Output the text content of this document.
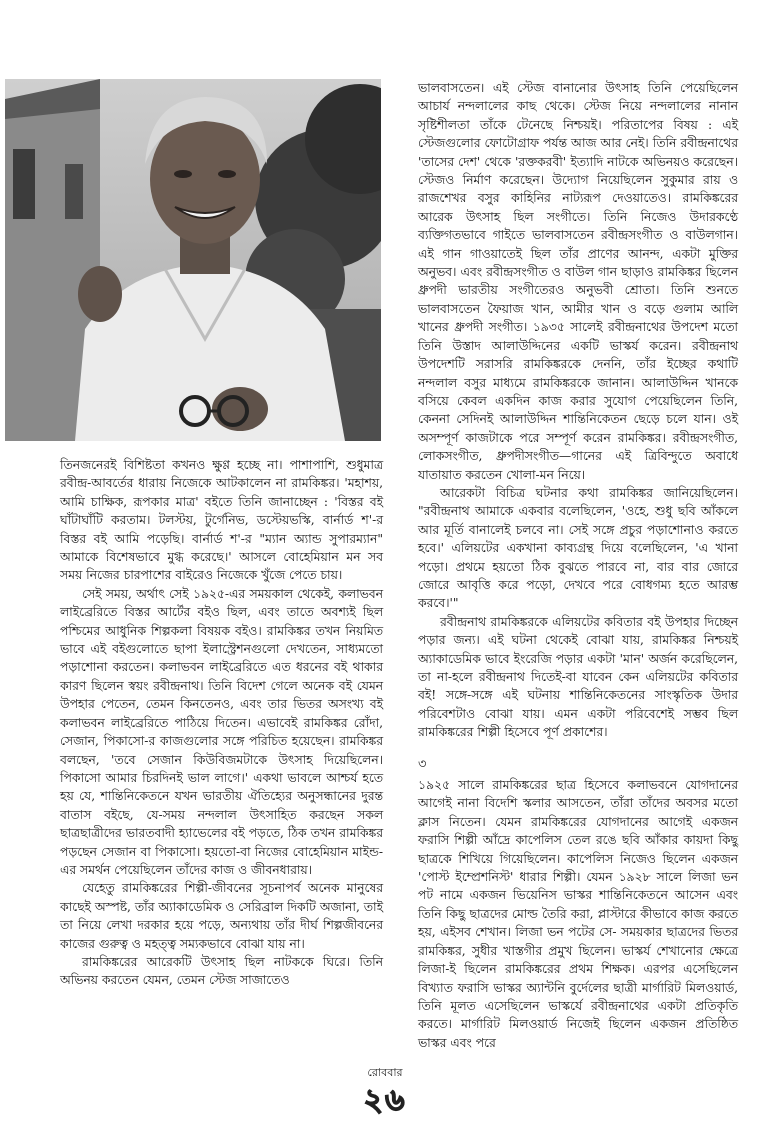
তিনজনেরই বিশিষ্টতা কখনও ক্ষুণ্ণ হচ্ছে না। পাশাপাশি, শুধুমাত্র রবীন্দ্র-আবর্তের ধারায় নিজেকে আটকালেন না রামকিঙ্কর। 'মহাশয়, আমি চাক্ষিক, রূপকার মাত্র' বইতে তিনি জানাচ্ছেন : 'বিস্তর বই ঘাঁটাঘাঁটি করতাম। টলস্টয়, টুর্গেনিভ, ডস্টেয়ভস্কি, বার্নার্ড শ'-র বিস্তর বই আমি পড়েছি। বার্নার্ড শ'-র "ম্যান অ্যান্ড সুপারম্যান" আমাকে বিশেষভাবে মুগ্ধ করেছে।' আসলে বোহেমিয়ান মন সব সময় নিজের চারপাশের বাইরেও নিজেকে খুঁজে পেতে চায়।

সেই সময়, অর্থাৎ সেই ১৯২৫-এর সময়কাল থেকেই, কলাভবন লাইব্রেরিতে বিস্তর আর্টের বইও ছিল, এবং তাতে অবশ্যই ছিল পশ্চিমের আধুনিক শিল্পকলা বিষয়ক বইও। রামকিঙ্কর তখন নিয়মিত ভাবে এই বইগুলোতে ছাপা ইলাস্ট্রেশনগুলো দেখতেন, সাধ্যমতো পড়াশোনা করতেন। কলাভবন লাইব্রেরিতে এত ধরনের বই থাকার কারণ ছিলেন স্বয়ং রবীন্দ্রনাথ। তিনি বিদেশ গেলে অনেক বই যেমন উপহার পেতেন, তেমন কিনতেনও, এবং তার ভিতর অসংখ্য বই কলাভবন লাইব্রেরিতে পাঠিয়ে দিতেন। এভাবেই রামকিঙ্কর রোঁদা, সেজান, পিকাসো-র কাজগুলোর সঙ্গে পরিচিত হয়েছেন। রামকিঙ্কর বলছেন, 'তবে সেজান কিউবিজমটাকে উৎসাহ দিয়েছিলেন। পিকাসো আমার চিরদিনই ভাল লাগে।' একথা ভাবলে আশ্চর্য হতে হয় যে, শান্তিনিকেতনে যখন ভারতীয় ঐতিহ্যের অনুসন্ধানের দুরন্ত বাতাস বইছে, যে-সময় নন্দলাল উৎসাহিত করছেন সকল ছাত্রছাত্রীদের ভারতবাদী হ্যাভেলের বই পড়তে, ঠিক তখন রামকিঙ্কর পড়ছেন সেজান বা পিকাসো। হয়তো-বা নিজের বোহেমিয়ান মাইন্ড-এর সমর্থন পেয়েছিলেন তাঁদের কাজ ও জীবনধারায়।

যেহেতু রামকিঙ্করের শিল্পী-জীবনের সূচনাপর্ব অনেক মানুষের কাছেই অস্পষ্ট, তাঁর অ্যাকাডেমিক ও সেরিব্রাল দিকটি অজানা, তাই তা নিয়ে লেখা দরকার হয়ে পড়ে, অন্যথায় তাঁর দীর্ঘ শিল্পজীবনের কাজের গুরুত্ব ও মহত্ত্ব সম্যকভাবে বোঝা যায় না।

রামকিঙ্করের আরেকটি উৎসাহ ছিল নাটককে ঘিরে। তিনি অভিনয় করতেন যেমন, তেমন স্টেজ সাজাতেও

ভালবাসতেন। এই স্টেজ বানানোর উৎসাহ তিনি পেয়েছিলেন আচার্য নন্দলালের কাছ থেকে। স্টেজ নিয়ে নন্দলালের নানান সৃষ্টিশীলতা তাঁকে টেনেছে নিশ্চয়ই। পরিতাপের বিষয় : এই স্টেজগুলোর ফোটোগ্রাফ পর্যন্ত আজ আর নেই। তিনি রবীন্দ্রনাথের 'তাসের দেশ' থেকে 'রক্তকরবী' ইত্যাদি নাটকে অভিনয়ও করেছেন। স্টেজও নির্মাণ করেছেন। উদ্যোগ নিয়েছিলেন সুকুমার রায় ও রাজশেখর বসুর কাহিনির নাট্যরূপ দেওয়াতেও। রামকিঙ্করের আরেক উৎসাহ ছিল সংগীতে। তিনি নিজেও উদারকণ্ঠে ব্যক্তিগতভাবে গাইতে ভালবাসতেন রবীন্দ্রসংগীত ও বাউলগান। এই গান গাওয়াতেই ছিল তাঁর প্রাণের আনন্দ, একটা মুক্তির অনুভব। এবং রবীন্দ্রসংগীত ও বাউল গান ছাড়াও রামকিঙ্কর ছিলেন ধ্রুপদী ভারতীয় সংগীতেরও অনুভবী শ্রোতা। তিনি শুনতে ভালবাসতেন ফৈয়াজ খান, আমীর খান ও বড়ে গুলাম আলি খানের ধ্রুপদী সংগীত। ১৯৩৫ সালেই রবীন্দ্রনাথের উপদেশ মতো তিনি উস্তাদ আলাউদ্দিনের একটি ভাস্কর্য করেন। রবীন্দ্রনাথ উপদেশটি সরাসরি রামকিঙ্করকে দেননি, তাঁর ইচ্ছের কথাটি নন্দলাল বসুর মাধ্যমে রামকিঙ্করকে জানান। আলাউদ্দিন খানকে বসিয়ে কেবল একদিন কাজ করার সুযোগ পেয়েছিলেন তিনি, কেননা সেদিনই আলাউদ্দিন শান্তিনিকেতন ছেড়ে চলে যান। ওই অসম্পূর্ণ কাজটাকে পরে সম্পূর্ণ করেন রামকিঙ্কর। রবীন্দ্রসংগীত, লোকসংগীত, ধ্রুপদীসংগীত—গানের এই ত্রিবিন্দুতে অবাধে যাতায়াত করতেন খোলা-মন নিয়ে।

আরেকটা বিচিত্র ঘটনার কথা রামকিঙ্কর জানিয়েছিলেন। "রবীন্দ্রনাথ আমাকে একবার বলেছিলেন, 'ওহে, শুধু ছবি আঁকলে আর মূর্তি বানালেই চলবে না। সেই সঙ্গে প্রচুর পড়াশোনাও করতে হবে।' এলিয়টের একখানা কাব্যগ্রন্থ দিয়ে বলেছিলেন, 'এ খানা পড়ো। প্রথমে হয়তো ঠিক বুঝতে পারবে না, বার বার জোরে জোরে আবৃত্তি করে পড়ো, দেখবে পরে বোধগম্য হতে আরম্ভ করবে।'"

রবীন্দ্রনাথ রামকিঙ্করকে এলিয়টের কবিতার বই উপহার দিচ্ছেন পড়ার জন্য। এই ঘটনা থেকেই বোঝা যায়, রামকিঙ্কর নিশ্চয়ই অ্যাকাডেমিক ভাবে ইংরেজি পড়ার একটা 'মান' অর্জন করেছিলেন, তা না-হলে রবীন্দ্রনাথ দিতেই-বা যাবেন কেন এলিয়টের কবিতার বই! সঙ্গে-সঙ্গে এই ঘটনায় শান্তিনিকেতনের সাংস্কৃতিক উদার পরিবেশটাও বোঝা যায়। এমন একটা পরিবেশেই সম্ভব ছিল রামকিঙ্করের শিল্পী হিসেবে পূর্ণ প্রকাশের।

৩

১৯২৫ সালে রামকিঙ্করের ছাত্র হিসেবে কলাভবনে যোগদানের আগেই নানা বিদেশি স্কলার আসতেন, তাঁরা তাঁদের অবসর মতো ক্লাস নিতেন। যেমন রামকিঙ্করের যোগদানের আগেই একজন ফরাসি শিল্পী আঁদ্রে কাপেলিস তেল রঙে ছবি আঁকার কায়দা কিছু ছাত্রকে শিখিয়ে গিয়েছিলেন। কাপেলিস নিজেও ছিলেন একজন 'পোস্ট ইম্প্রেশনিস্ট' ধারার শিল্পী। যেমন ১৯২৮ সালে লিজা ভন পট নামে একজন ভিয়েনিস ভাস্কর শান্তিনিকেতনে আসেন এবং তিনি কিছু ছাত্রদের মোল্ড তৈরি করা, প্লাস্টারে কীভাবে কাজ করতে হয়, এইসব শেখান। লিজা ভন পটের সে- সময়কার ছাত্রদের ভিতর রামকিঙ্কর, সুধীর খাস্তগীর প্রমুখ ছিলেন। ভাস্কর্য শেখানোর ক্ষেত্রে লিজা-ই ছিলেন রামকিঙ্করের প্রথম শিক্ষক। এরপর এসেছিলেন বিখ্যাত ফরাসি ভাস্কর অ্যান্টনি বুর্দেলের ছাত্রী মার্গারিট মিলওয়ার্ড, তিনি মূলত এসেছিলেন ভাস্কর্যে রবীন্দ্রনাথের একটা প্রতিকৃতি করতে। মার্গারিট মিলওয়ার্ড নিজেই ছিলেন একজন প্রতিষ্ঠিত ভাস্কর এবং পরে

রোববার
২৬
